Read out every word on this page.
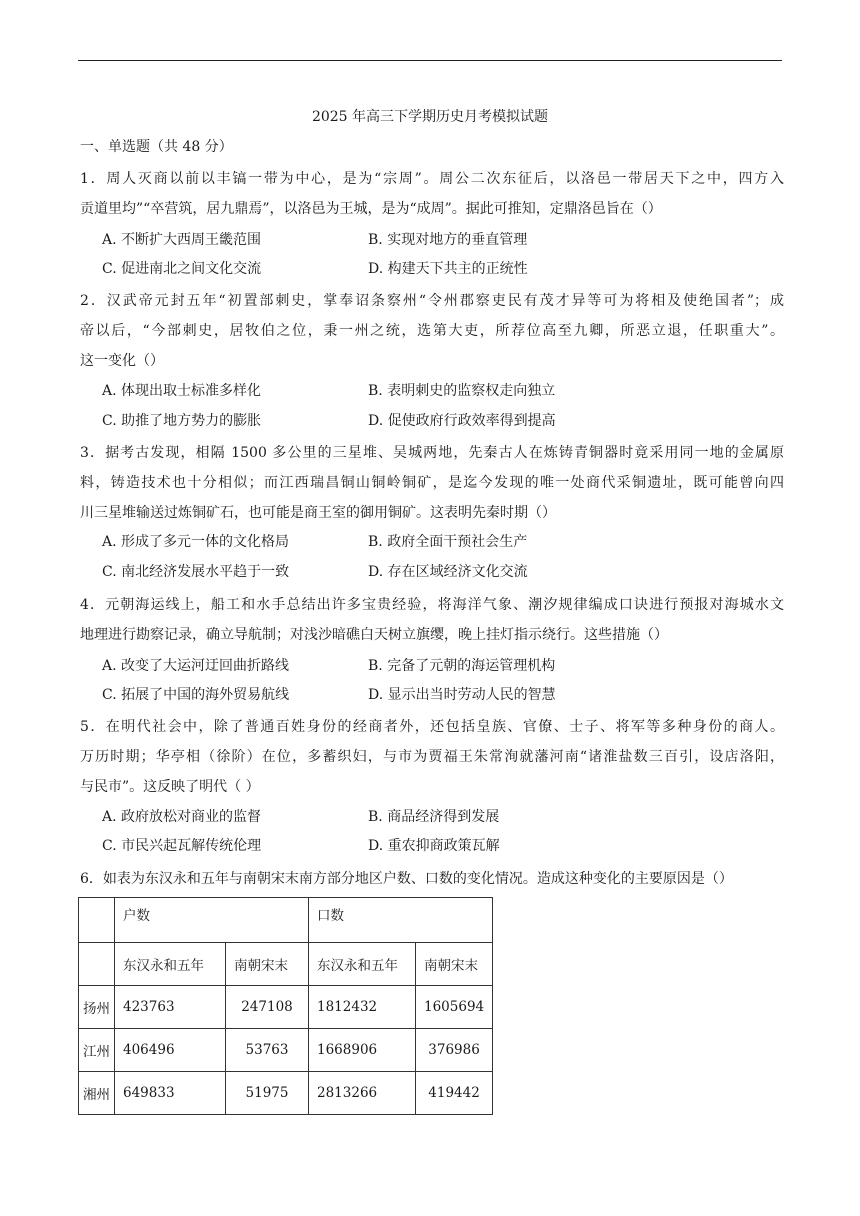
2025 年高三下学期历史月考模拟试题
一、单选题（共 48 分）
1．周人灭商以前以丰镐一带为中心，是为“宗周”。周公二次东征后，以洛邑一带居天下之中，四方入
贡道里均”“卒营筑，居九鼎焉”，以洛邑为王城，是为“成周”。据此可推知，定鼎洛邑旨在（）
A. 不断扩大西周王畿范围	B. 实现对地方的垂直管理
C. 促进南北之间文化交流	D. 构建天下共主的正统性
2．汉武帝元封五年“初置部刺史，掌奉诏条察州“令州郡察吏民有茂才异等可为将相及使绝国者”；成
帝以后，“今部刺史，居牧伯之位，秉一州之统，选第大吏，所荐位高至九卿，所恶立退，任职重大”。
这一变化（）
A. 体现出取士标准多样化	B. 表明刺史的监察权走向独立
C. 助推了地方势力的膨胀	D. 促使政府行政效率得到提高
3．据考古发现，相隔 1500 多公里的三星堆、吴城两地，先秦古人在炼铸青铜器时竟采用同一地的金属原
料，铸造技术也十分相似；而江西瑞昌铜山铜岭铜矿，是迄今发现的唯一处商代采铜遗址，既可能曾向四
川三星堆输送过炼铜矿石，也可能是商王室的御用铜矿。这表明先秦时期（）
A. 形成了多元一体的文化格局	B. 政府全面干预社会生产
C. 南北经济发展水平趋于一致	D. 存在区域经济文化交流
4．元朝海运线上，船工和水手总结出许多宝贵经验，将海洋气象、潮汐规律编成口诀进行预报对海城水文
地理进行勘察记录，确立导航制；对浅沙暗礁白天树立旗缨，晚上挂灯指示绕行。这些措施（）
A. 改变了大运河迂回曲折路线	B. 完备了元朝的海运管理机构
C. 拓展了中国的海外贸易航线	D. 显示出当时劳动人民的智慧
5．在明代社会中，除了普通百姓身份的经商者外，还包括皇族、官僚、士子、将军等多种身份的商人。
万历时期；华亭相（徐阶）在位，多蓄织妇，与市为贾福王朱常洵就藩河南“诸淮盐数三百引，设店洛阳，
与民市”。这反映了明代（ ）
A. 政府放松对商业的监督	B. 商品经济得到发展
C. 市民兴起瓦解传统伦理	D. 重农抑商政策瓦解
6．如表为东汉永和五年与南朝宋末南方部分地区户数、口数的变化情况。造成这种变化的主要原因是（）
	户数		口数	
	东汉永和五年	南朝宋末	东汉永和五年	南朝宋末
扬州	423763	247108	1812432	1605694
江州	406496	53763	1668906	376986
湘州	649833	51975	2813266	419442
